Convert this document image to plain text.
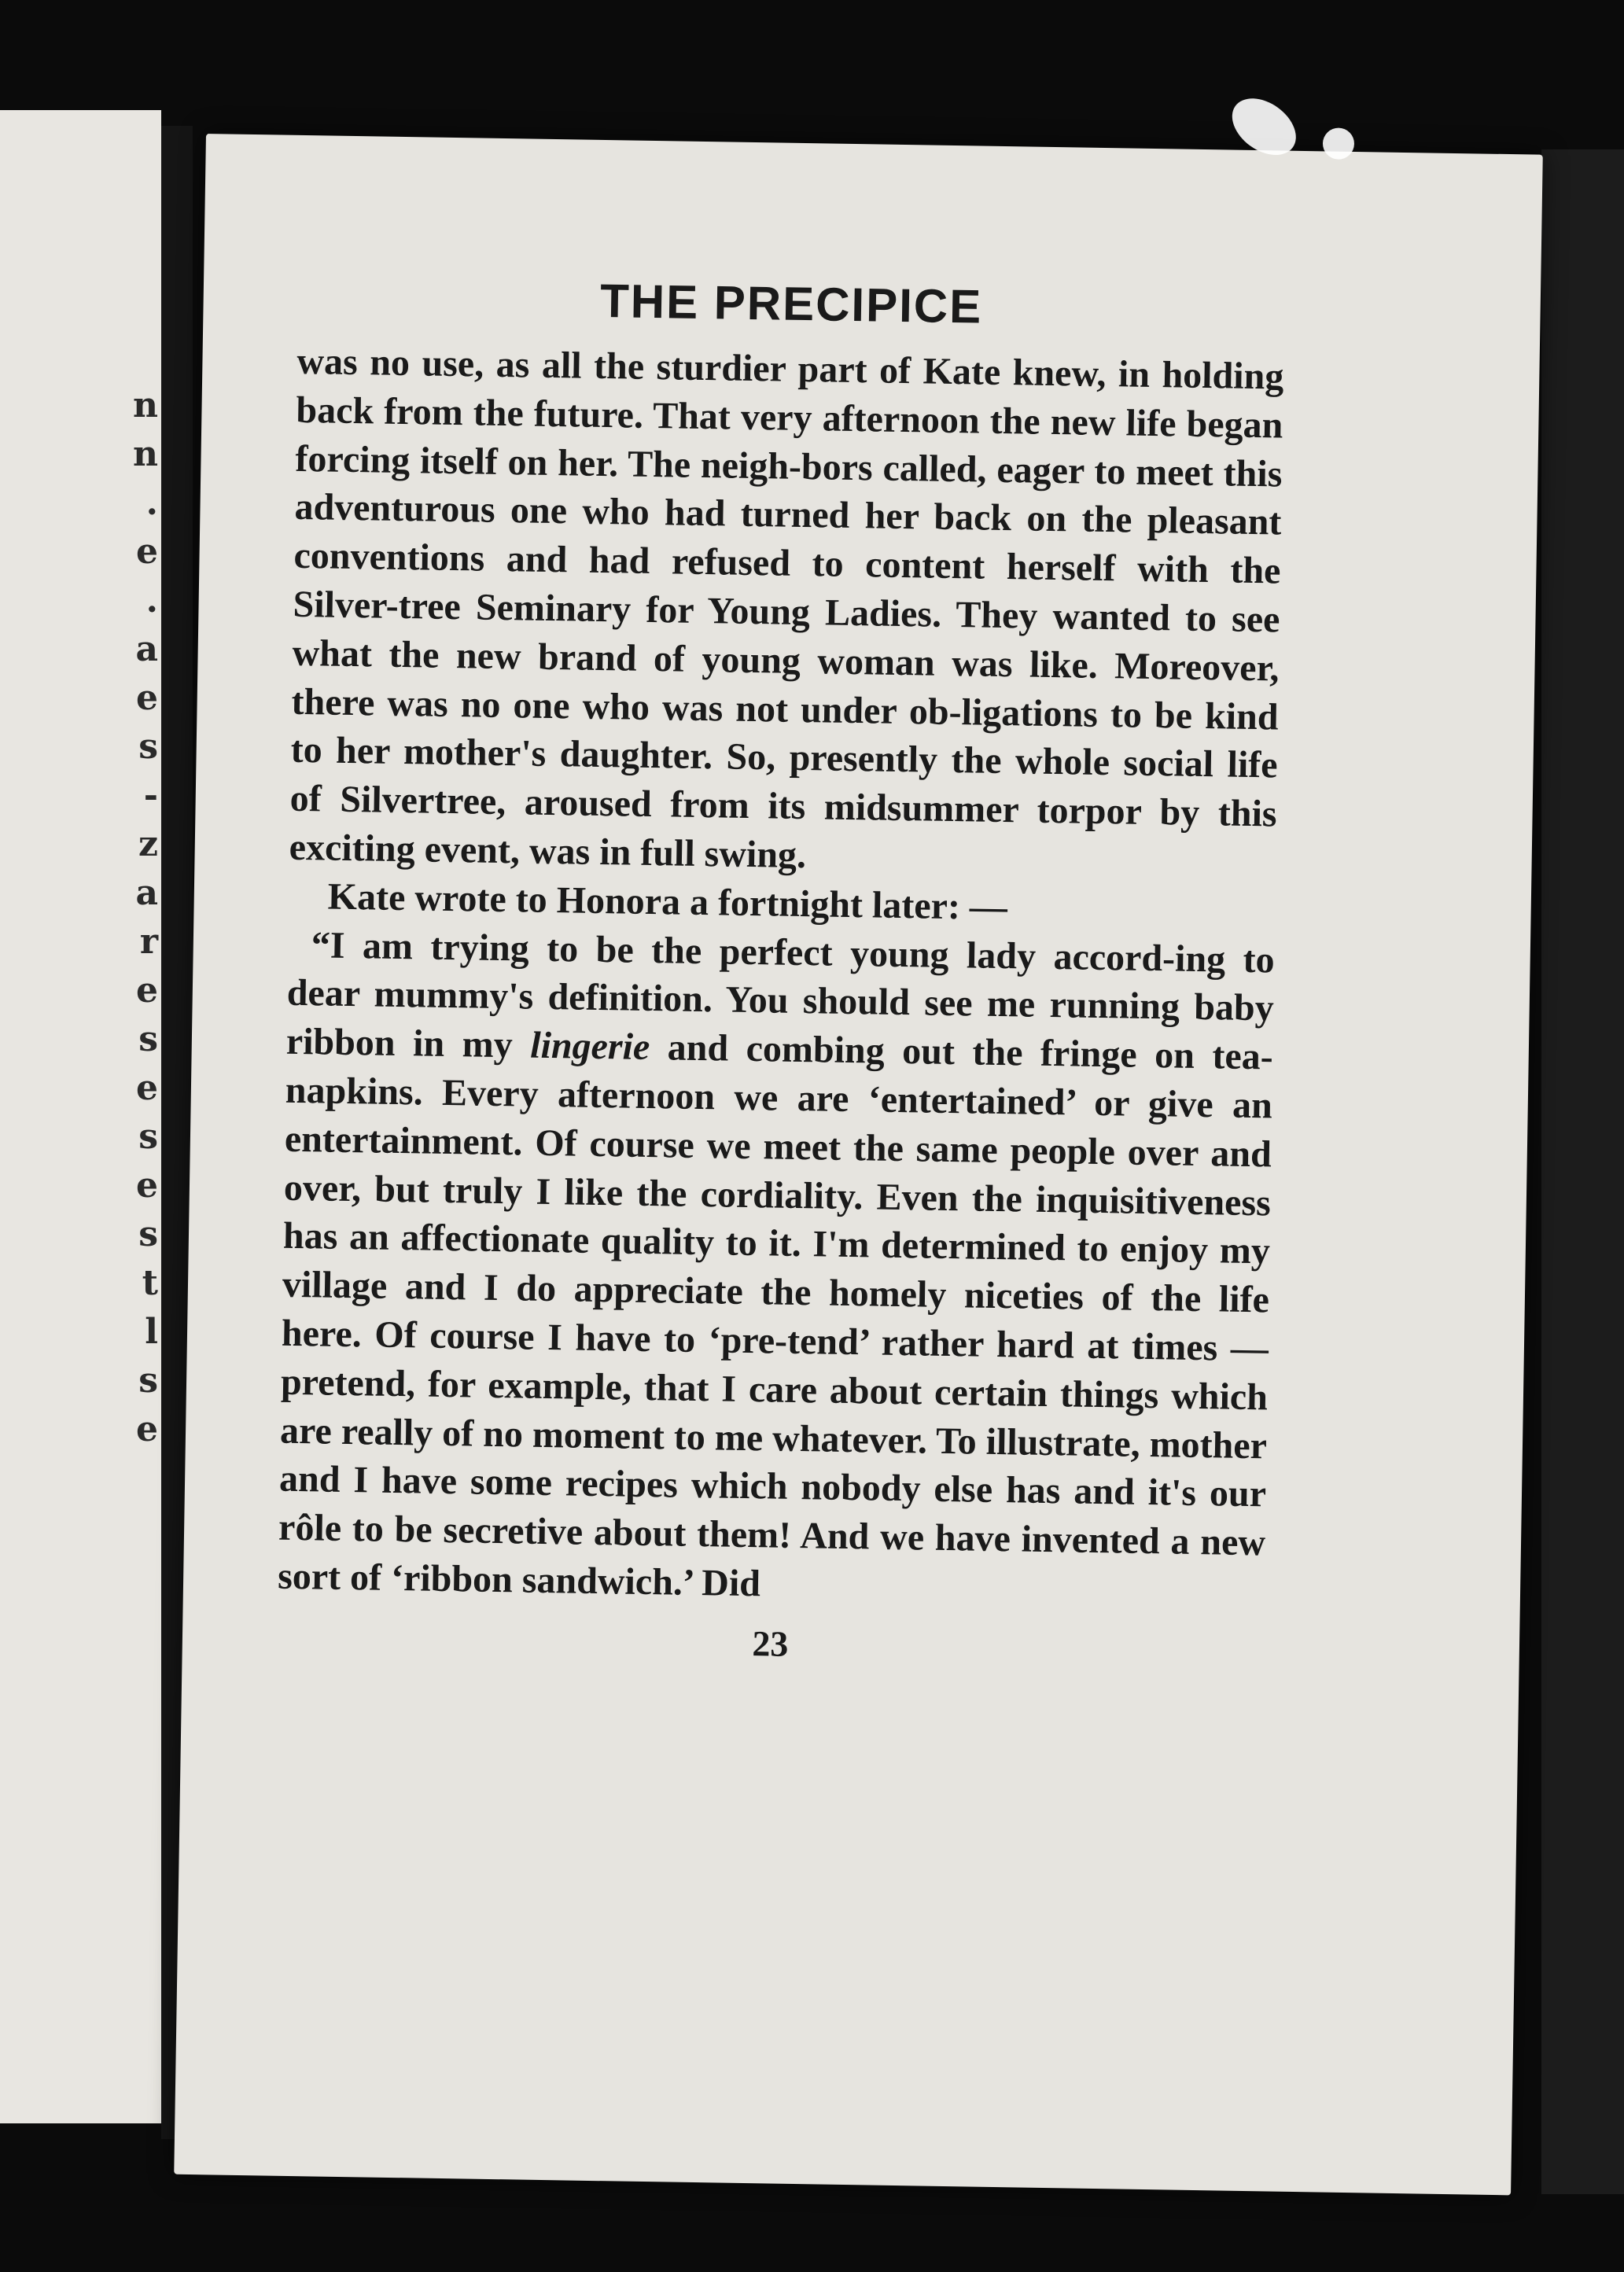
n
n
.
e
.
a
e
s
-
z
a
r
e
s
e
s
e
s
t
l
s
e
THE PRECIPICE

was no use, as all the sturdier part of Kate knew, in holding back from the future. That very afternoon the new life began forcing itself on her. The neigh-bors called, eager to meet this adventurous one who had turned her back on the pleasant conventions and had refused to content herself with the Silver-tree Seminary for Young Ladies. They wanted to see what the new brand of young woman was like. Moreover, there was no one who was not under ob-ligations to be kind to her mother's daughter. So, presently the whole social life of Silvertree, aroused from its midsummer torpor by this exciting event, was in full swing.

Kate wrote to Honora a fortnight later: —

“I am trying to be the perfect young lady accord-ing to dear mummy's definition. You should see me running baby ribbon in my lingerie and combing out the fringe on tea-napkins. Every afternoon we are ‘entertained’ or give an entertainment. Of course we meet the same people over and over, but truly I like the cordiality. Even the inquisitiveness has an affectionate quality to it. I'm determined to enjoy my village and I do appreciate the homely niceties of the life here. Of course I have to ‘pre-tend’ rather hard at times — pretend, for example, that I care about certain things which are really of no moment to me whatever. To illustrate, mother and I have some recipes which nobody else has and it's our rôle to be secretive about them! And we have invented a new sort of ‘ribbon sandwich.’ Did

23
